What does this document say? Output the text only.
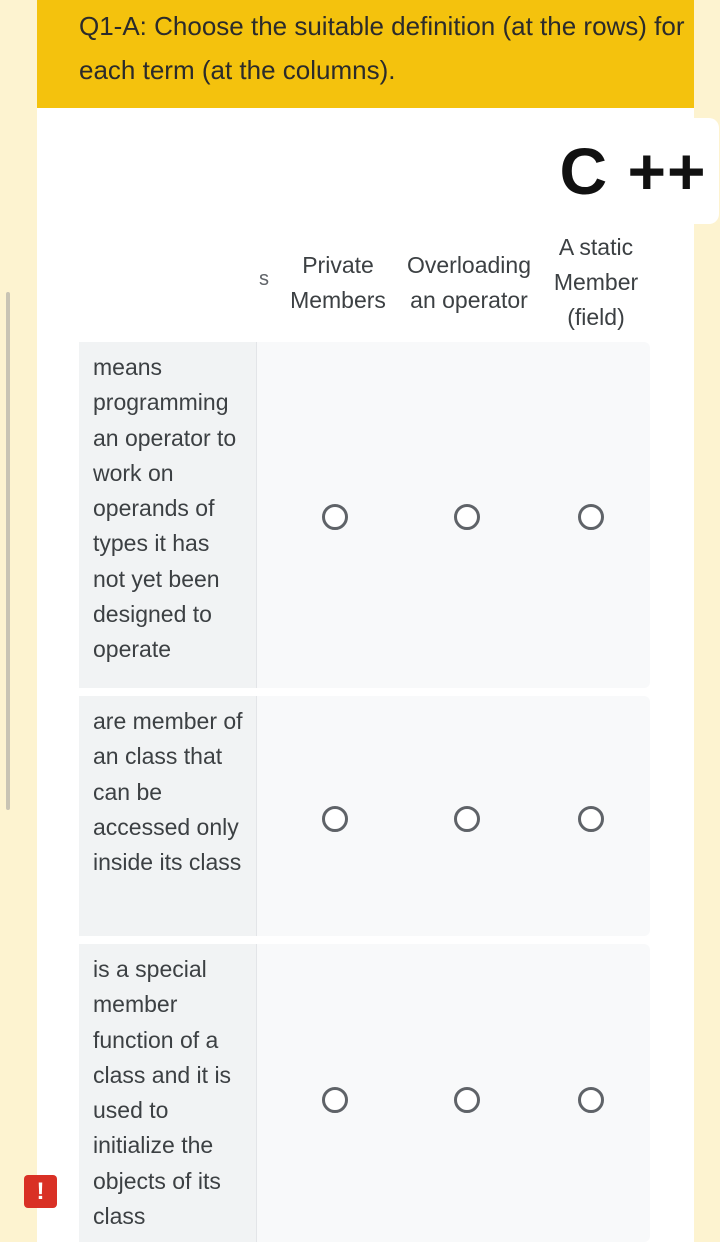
Q1-A: Choose the suitable definition (at the rows) for each term (at the columns).
C ++
s
Private
Members
Overloading
an operator
A static
Member
(field)
means programming an operator to work on operands of types it has not yet been designed to operate
are member of an class that can be accessed only inside its class
is a special member function of a class and it is used to initialize the objects of its class
!
